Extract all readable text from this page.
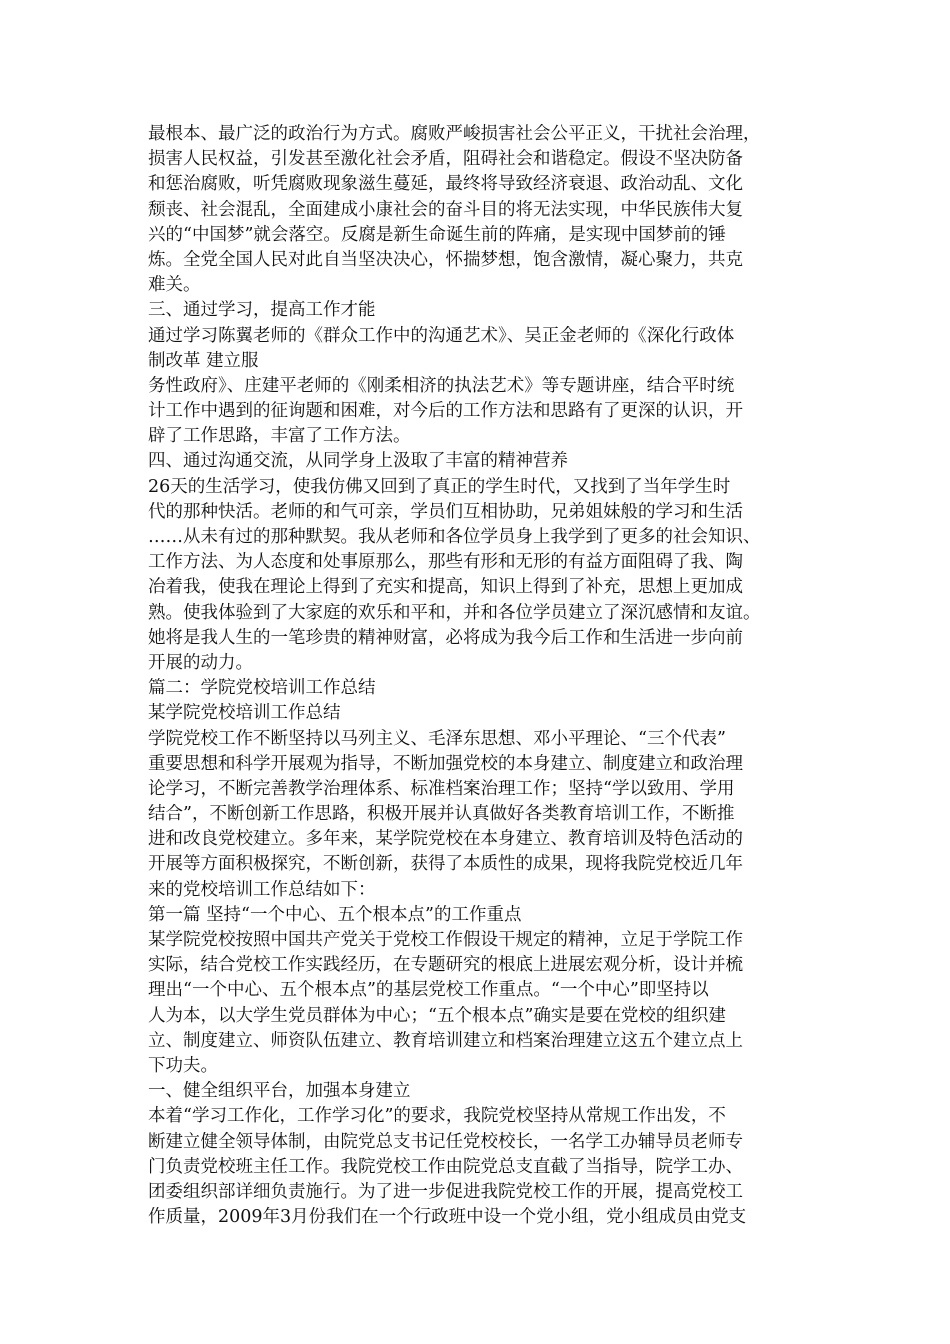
最根本、最广泛的政治行为方式。腐败严峻损害社会公平正义，干扰社会治理，
损害人民权益，引发甚至激化社会矛盾，阻碍社会和谐稳定。假设不坚决防备
和惩治腐败，听凭腐败现象滋生蔓延，最终将导致经济衰退、政治动乱、文化
颓丧、社会混乱，全面建成小康社会的奋斗目的将无法实现，中华民族伟大复
兴的“中国梦”就会落空。反腐是新生命诞生前的阵痛，是实现中国梦前的锤
炼。全党全国人民对此自当坚决决心，怀揣梦想，饱含激情，凝心聚力，共克
难关。
三、通过学习，提高工作才能
通过学习陈翼老师的《群众工作中的沟通艺术》、吴正金老师的《深化行政体
制改革 建立服
务性政府》、庄建平老师的《刚柔相济的执法艺术》等专题讲座，结合平时统
计工作中遇到的征询题和困难，对今后的工作方法和思路有了更深的认识，开
辟了工作思路，丰富了工作方法。
四、通过沟通交流，从同学身上汲取了丰富的精神营养
26天的生活学习，使我仿佛又回到了真正的学生时代，又找到了当年学生时
代的那种快活。老师的和气可亲，学员们互相协助，兄弟姐妹般的学习和生活
……从未有过的那种默契。我从老师和各位学员身上我学到了更多的社会知识、
工作方法、为人态度和处事原那么，那些有形和无形的有益方面阻碍了我、陶
冶着我，使我在理论上得到了充实和提高，知识上得到了补充，思想上更加成
熟。使我体验到了大家庭的欢乐和平和，并和各位学员建立了深沉感情和友谊。
她将是我人生的一笔珍贵的精神财富，必将成为我今后工作和生活进一步向前
开展的动力。
篇二：学院党校培训工作总结
某学院党校培训工作总结
学院党校工作不断坚持以马列主义、毛泽东思想、邓小平理论、“三个代表”
重要思想和科学开展观为指导，不断加强党校的本身建立、制度建立和政治理
论学习，不断完善教学治理体系、标准档案治理工作；坚持“学以致用、学用
结合”，不断创新工作思路，积极开展并认真做好各类教育培训工作，不断推
进和改良党校建立。多年来，某学院党校在本身建立、教育培训及特色活动的
开展等方面积极探究，不断创新，获得了本质性的成果，现将我院党校近几年
来的党校培训工作总结如下：
第一篇 坚持“一个中心、五个根本点”的工作重点
某学院党校按照中国共产党关于党校工作假设干规定的精神，立足于学院工作
实际，结合党校工作实践经历，在专题研究的根底上进展宏观分析，设计并梳
理出“一个中心、五个根本点”的基层党校工作重点。“一个中心”即坚持以
人为本，以大学生党员群体为中心；“五个根本点”确实是要在党校的组织建
立、制度建立、师资队伍建立、教育培训建立和档案治理建立这五个建立点上
下功夫。
一、健全组织平台，加强本身建立
本着“学习工作化，工作学习化”的要求，我院党校坚持从常规工作出发，不
断建立健全领导体制，由院党总支书记任党校校长，一名学工办辅导员老师专
门负责党校班主任工作。我院党校工作由院党总支直截了当指导，院学工办、
团委组织部详细负责施行。为了进一步促进我院党校工作的开展，提高党校工
作质量，2009年3月份我们在一个行政班中设一个党小组，党小组成员由党支
